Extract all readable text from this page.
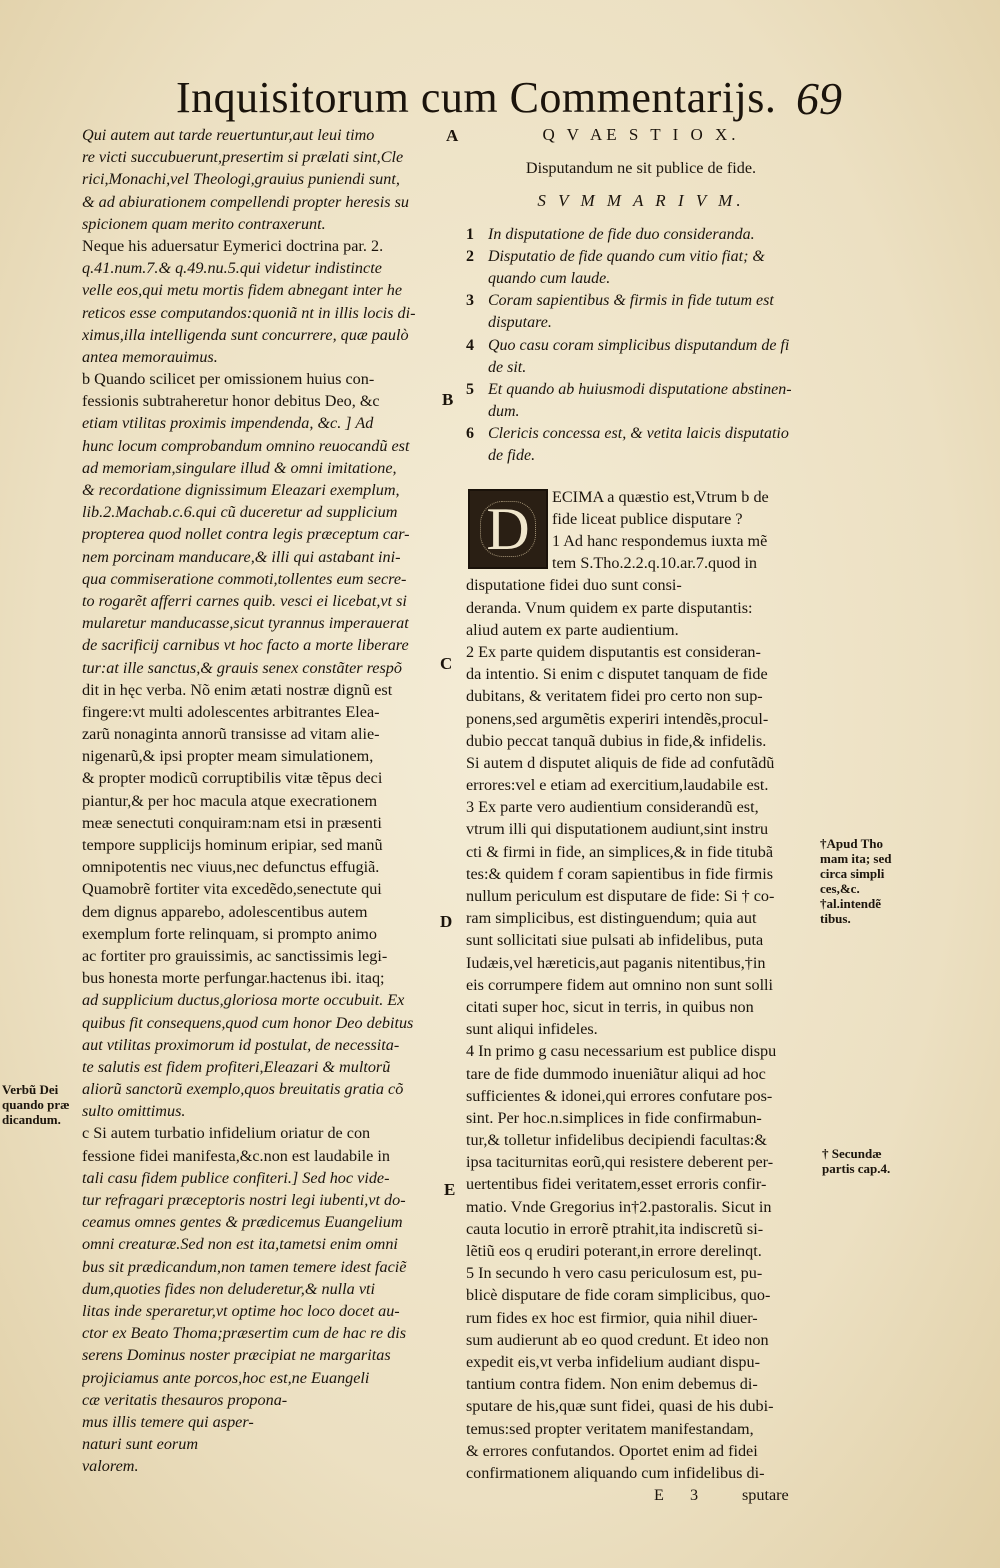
Inquisitorum cum Commentarijs. 69
Qui autem aut tarde reuertuntur,aut leui timo
re victi succubuerunt,presertim si prælati sint,Cle
rici,Monachi,vel Theologi,grauius puniendi sunt,
& ad abiurationem compellendi propter heresis su
spicionem quam merito contraxerunt.
Neque his aduersatur Eymerici doctrina par. 2.
q.41.num.7.& q.49.nu.5.qui videtur indistincte
velle eos,qui metu mortis fidem abnegant inter he
reticos esse computandos:quoniã nt in illis locis di-
ximus,illa intelligenda sunt concurrere, quæ paulò
antea memorauimus.
b Quando scilicet per omissionem huius con-
fessionis subtraheretur honor debitus Deo, &c
etiam vtilitas proximis impendenda, &c. ] Ad
hunc locum comprobandum omnino reuocandũ est
ad memoriam,singulare illud & omni imitatione,
& recordatione dignissimum Eleazari exemplum,
lib.2.Machab.c.6.qui cũ duceretur ad supplicium
propterea quod nollet contra legis præceptum car-
nem porcinam manducare,& illi qui astabant ini-
qua commiseratione commoti,tollentes eum secre-
to rogarẽt afferri carnes quib. vesci ei licebat,vt si
mularetur manducasse,sicut tyrannus imperauerat
de sacrificij carnibus vt hoc facto a morte liberare
tur:at ille sanctus,& grauis senex constãter respõ
dit in hęc verba. Nõ enim ætati nostræ dignũ est
fingere:vt multi adolescentes arbitrantes Elea-
zarũ nonaginta annorũ transisse ad vitam alie-
nigenarũ,& ipsi propter meam simulationem,
& propter modicũ corruptibilis vitæ tẽpus deci
piantur,& per hoc macula atque execrationem
meæ senectuti conquiram:nam etsi in præsenti
tempore supplicijs hominum eripiar, sed manũ
omnipotentis nec viuus,nec defunctus effugiã.
Quamobrẽ fortiter vita excedẽdo,senectute qui
dem dignus apparebo, adolescentibus autem
exemplum forte relinquam, si prompto animo
ac fortiter pro grauissimis, ac sanctissimis legi-
bus honesta morte perfungar.hactenus ibi. itaq;
ad supplicium ductus,gloriosa morte occubuit. Ex
quibus fit consequens,quod cum honor Deo debitus
aut vtilitas proximorum id postulat, de necessita-
te salutis est fidem profiteri,Eleazari & multorũ
aliorũ sanctorũ exemplo,quos breuitatis gratia cõ
sulto omittimus.
c Si autem turbatio infidelium oriatur de con
fessione fidei manifesta,&c.non est laudabile in
tali casu fidem publice confiteri.] Sed hoc vide-
tur refragari præceptoris nostri legi iubenti,vt do-
ceamus omnes gentes & prædicemus Euangelium
omni creaturæ.Sed non est ita,tametsi enim omni
bus sit prædicandum,non tamen temere idest faciẽ
dum,quoties fides non deluderetur,& nulla vti
litas inde speraretur,vt optime hoc loco docet au-
ctor ex Beato Thoma;præsertim cum de hac re dis
serens Dominus noster præcipiat ne margaritas
projiciamus ante porcos,hoc est,ne Euangeli
cæ veritatis thesauros propona-
mus illis temere qui asper-
naturi sunt eorum
valorem.
A
B
C
D
E
Q V AE S T I O X.
Disputandum ne sit publice de fide.
S V M M A R I V M.
1 In disputatione de fide duo consideranda.
2 Disputatio de fide quando cum vitio fiat; &
quando cum laude.
3 Coram sapientibus & firmis in fide tutum est
disputare.
4 Quo casu coram simplicibus disputandum de fi
de sit.
5 Et quando ab huiusmodi disputatione abstinen-
dum.
6 Clericis concessa est, & vetita laicis disputatio
de fide.
D	ECIMA a quæstio est,Vtrum b de
fide liceat publice disputare ?
1 Ad hanc respondemus iuxta mẽ
tem S.Tho.2.2.q.10.ar.7.quod in
disputatione fidei duo sunt consi-
deranda. Vnum quidem ex parte disputantis:
aliud autem ex parte audientium.
2 Ex parte quidem disputantis est consideran-
da intentio. Si enim c disputet tanquam de fide
dubitans, & veritatem fidei pro certo non sup-
ponens,sed argumẽtis experiri intendẽs,procul-
dubio peccat tanquã dubius in fide,& infidelis.
Si autem d disputet aliquis de fide ad confutãdũ
errores:vel e etiam ad exercitium,laudabile est.
3 Ex parte vero audientium considerandũ est,
vtrum illi qui disputationem audiunt,sint instru
cti & firmi in fide, an simplices,& in fide titubã
tes:& quidem f coram sapientibus in fide firmis
nullum periculum est disputare de fide: Si † co-
ram simplicibus, est distinguendum; quia aut
sunt sollicitati siue pulsati ab infidelibus, puta
Iudæis,vel hæreticis,aut paganis nitentibus,†in
eis corrumpere fidem aut omnino non sunt solli
citati super hoc, sicut in terris, in quibus non
sunt aliqui infideles.
4 In primo g casu necessarium est publice dispu
tare de fide dummodo inueniãtur aliqui ad hoc
sufficientes & idonei,qui errores confutare pos-
sint. Per hoc.n.simplices in fide confirmabun-
tur,& tolletur infidelibus decipiendi facultas:&
ipsa taciturnitas eorũ,qui resistere deberent per-
uertentibus fidei veritatem,esset erroris confir-
matio. Vnde Gregorius in†2.pastoralis. Sicut in
cauta locutio in errorẽ ptrahit,ita indiscretũ si-
lẽtiũ eos q erudiri poterant,in errore derelinqt.
5 In secundo h vero casu periculosum est, pu-
blicè disputare de fide coram simplicibus, quo-
rum fides ex hoc est firmior, quia nihil diuer-
sum audierunt ab eo quod credunt. Et ideo non
expedit eis,vt verba infidelium audiant dispu-
tantium contra fidem. Non enim debemus di-
sputare de his,quæ sunt fidei, quasi de his dubi-
temus:sed propter veritatem manifestandam,
& errores confutandos. Oportet enim ad fidei
confirmationem aliquando cum infidelibus di-
E 3	sputare
Verbũ Dei
quando præ
dicandum.
†Apud Tho
mam ita; sed
circa simpli
ces,&c.
†al.intendẽ
tibus.
† Secundæ
partis cap.4.
